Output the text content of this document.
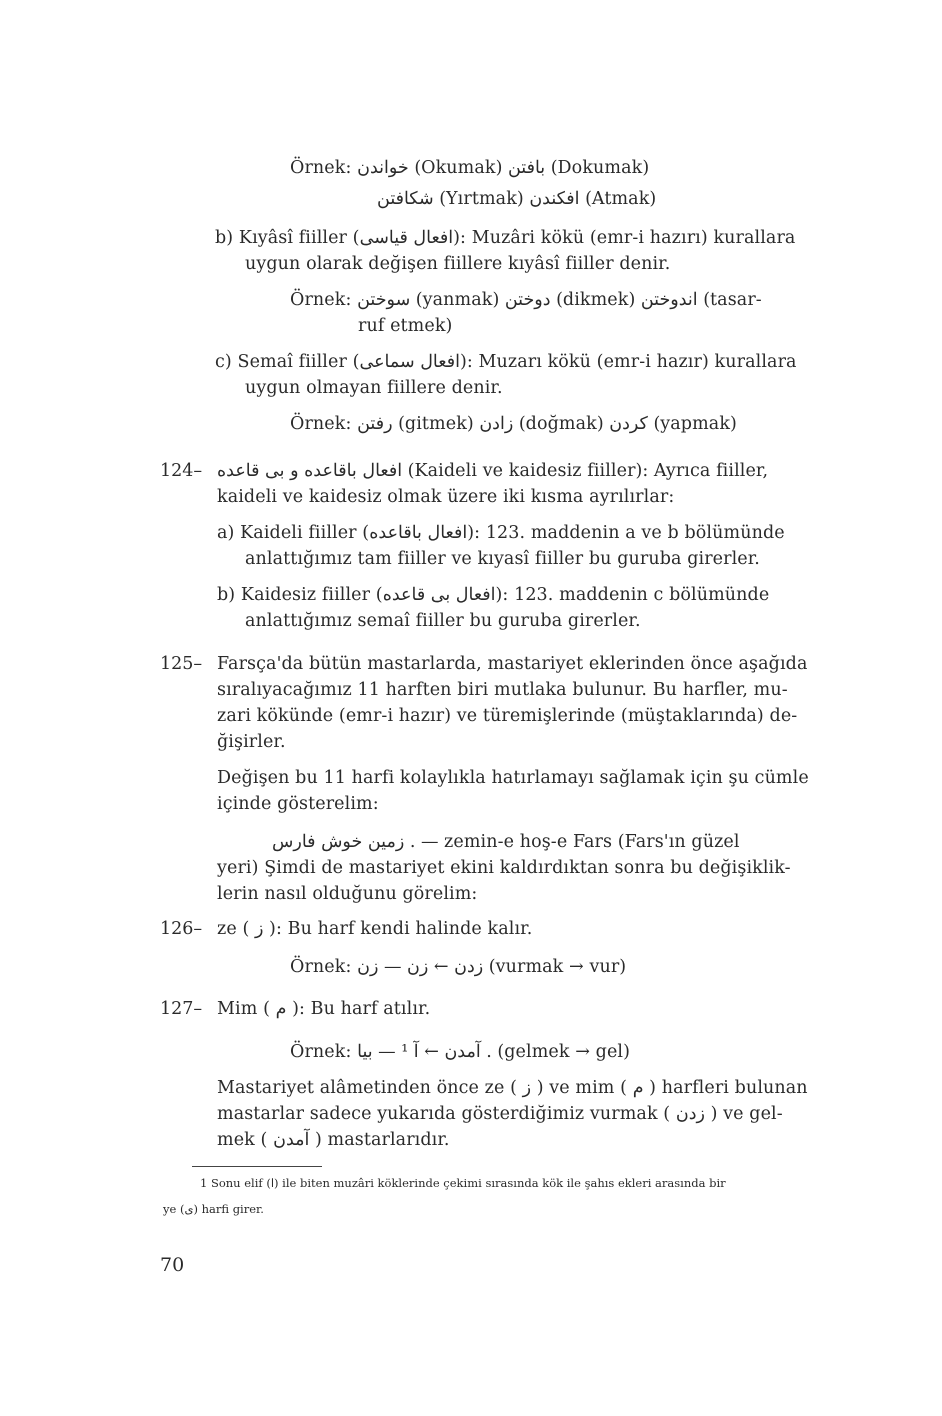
Örnek: خواندن (Okumak) بافتن (Dokumak)
شکافتن (Yırtmak) افکندن (Atmak)
b) Kıyâsî fiiller (افعال قیاسی): Muzâri kökü (emr-i hazırı) kurallara
uygun olarak değişen fiillere kıyâsî fiiller denir.
Örnek: سوختن (yanmak) دوختن (dikmek) اندوختن (tasar-
ruf etmek)
c) Semaî fiiller (افعال سماعی): Muzarı kökü (emr-i hazır) kurallara
uygun olmayan fiillere denir.
Örnek: رفتن (gitmek) زادن (doğmak) کردن (yapmak)
124– افعال باقاعده و بی قاعده (Kaideli ve kaidesiz fiiller): Ayrıca fiiller,
kaideli ve kaidesiz olmak üzere iki kısma ayrılırlar:
a) Kaideli fiiller (افعال باقاعده): 123. maddenin a ve b bölümünde
anlattığımız tam fiiller ve kıyasî fiiller bu guruba girerler.
b) Kaidesiz fiiller (افعال بی قاعده): 123. maddenin c bölümünde
anlattığımız semaî fiiller bu guruba girerler.
125– Farsça'da bütün mastarlarda, mastariyet eklerinden önce aşağıda
sıralıyacağımız 11 harften biri mutlaka bulunur. Bu harfler, mu-
zari kökünde (emr-i hazır) ve türemişlerinde (müştaklarında) de-
ğişirler.
Değişen bu 11 harfi kolaylıkla hatırlamayı sağlamak için şu cümle
içinde gösterelim:
زمین خوش فارس . — zemin-e hoş-e Fars (Fars'ın güzel
yeri) Şimdi de mastariyet ekini kaldırdıktan sonra bu değişiklik-
lerin nasıl olduğunu görelim:
126– ze ( ز ): Bu harf kendi halinde kalır.
Örnek: زدن ← زن — زن (vurmak → vur)
127– Mim ( م ): Bu harf atılır.
Örnek: آمدن ← آ ¹ — بیا . (gelmek → gel)
Mastariyet alâmetinden önce ze ( ز ) ve mim ( م ) harfleri bulunan
mastarlar sadece yukarıda gösterdiğimiz vurmak ( زدن ) ve gel-
mek ( آمدن ) mastarlarıdır.
1 Sonu elif (ا) ile biten muzâri köklerinde çekimi sırasında kök ile şahıs ekleri arasında bir
ye (ی) harfi girer.
70
